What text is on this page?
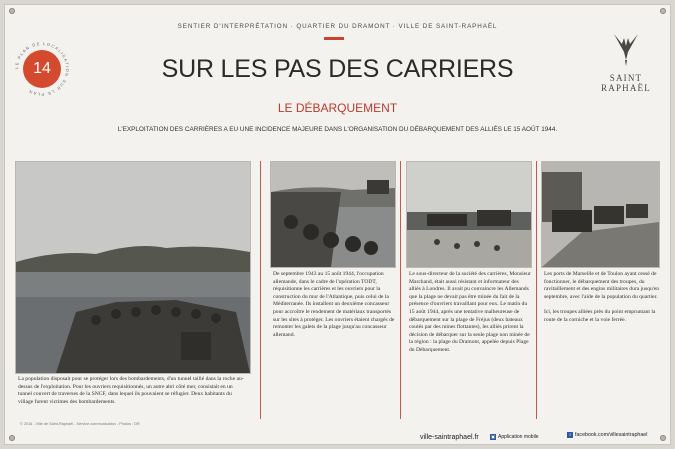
SENTIER D'INTERPRÉTATION · QUARTIER DU DRAMONT · VILLE DE SAINT-RAPHAËL
LE PLAN DE LOCALISATION SUR LE PLAN
14	SUR LES PAS DES CARRIERS	SAINT
RAPHAËL
LE DÉBARQUEMENT
L'EXPLOITATION DES CARRIÈRES A EU UNE INCIDENCE MAJEURE DANS L'ORGANISATION DU DÉBARQUEMENT DES ALLIÉS LE 15 AOÛT 1944.
La population disposait pour se protéger lors des bombardements, d'un tunnel taillé dans la roche au-dessus de l'exploitation. Pour les ouvriers requisitionnés, un autre abri côté mer, consistait en un tunnel couvert de traverses de la SNCF, dans lequel ils pouvaient se réfugier. Deux habitants du village furent victimes des bombardements.
De septembre 1943 au 15 août 1944, l'occupation allemande, dans le cadre de l'opération TODT, réquisitionne les carrières et les ouvriers pour la construction du mur de l'Atlantique, puis celui de la Méditerranée. Ils installent un deuxième concasseur pour accroître le rendement de matériaux transportés sur les sites à protéger. Les ouvriers étaient chargés de remonter les galets de la plage jusqu'au concasseur allemand.
Le sous-directeur de la société des carrières, Monsieur Marchand, était aussi résistant et informateur des alliés à Londres. Il avait pu convaincre les Allemands que la plage ne devait pas être minée du fait de la présence d'ouvriers travaillant pour eux. Le matin du 15 août 1944, après une tentative malheureuse de débarquement sur la plage de Fréjus (deux bateaux coulés par des mines flottantes), les alliés prirent la décision de débarquer sur la seule plage non minée de la région : la plage du Dramont, appelée depuis Plage du Débarquement.
Les ports de Marseille et de Toulon ayant cessé de fonctionner, le débarquement des troupes, du ravitaillement et des engins militaires dura jusqu'en septembre, avec l'aide de la population du quartier.
Ici, les troupes alliées près du point empruntant la route de la corniche et la voie ferrée.
© 2016 - Ville de Saint-Raphaël - Service communication - Photos : DR
ville-saintraphael.fr	▣ Application mobile	f facebook.com/villesaintraphael
